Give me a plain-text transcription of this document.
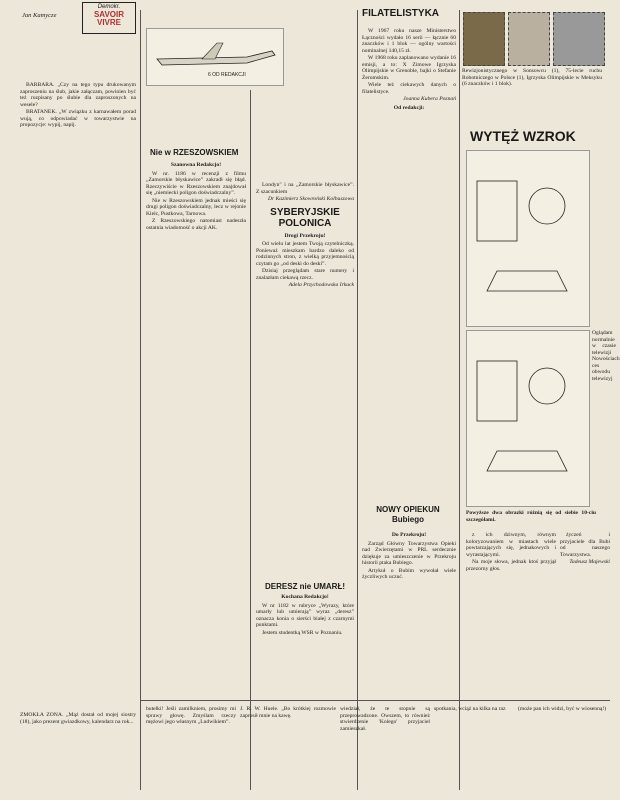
Jan Kamycze
Demokr.
SAVOIR VIVRE

BARBARA. „Czy na tego typu drukowanym zaproszeniu na ślub, jakie załączam, powinien być też rozpisany po ślubie dla zaproszonych na wesele?

BRATANEK. „W związku z karnawałem porad wują, co odpowiadać w towarzystwie na propozycje: wypij, napij.

ZMOKŁA ZONA. „Mąż dostał od mojej siostry (18), jako prezent gwiazdkowy, kalendarz na rok...
Nie w RZESZOWSKIEM
Szanowna Redakcjo!

W nr. 1186 w recenzji z filmu „Zamorskie błyskawice” zakradł się błąd. Rzeczywiście w Rzeszowskiem znajdował się „niemiecki poligon doświadczalny”.

Nie w Rzeszowskiem jednak mieści się drugi poligon doświadczalny, lecz w rejonie Kielc, Pustkowa, Tarnowa.

Z Rzeszowskiego natomiast nadeszła ostatnia wiadomość o akcji AK.

Londyn" i na „Zamorskie błyskawice”. Z szacunkiem

Dr Kazimierz Skowroński Kolbuszowa
SYBERYJSKIE POLONICA
Drogi Przekroju!

Od wielu lat jestem Twoją czytelniczką. Ponieważ mieszkam bardzo daleko od rodzinnych stron, z wielką przyjemnością czytam go „od deski do deski”.

Dzisiaj przeglądam stare numery i znalazłam ciekawą rzecz.

Adela Przychodowska Irkuck
DERESZ nie UMARŁ!
Kochana Redakcjo!

W nr 1182 w rubryce „Wyrazy, które umarły lub umierają” wyraz „deresz” oznacza konia o sierści białej z czarnymi punktami.

Jestem studentką WSR w Poznaniu.

FILATELISTYKA

W 1967 roku nasze Ministerstwo Łączności wydało 16 serii — łącznie 60 znaczków i 1 blok — ogólny wartości nominalnej 140,15 zł.

W 1968 roku zaplanowano wydanie 16 emisji, a to: X Zimowe Igrzyska Olimpijskie w Grenoble, bajki o Stefanie Żeromskim.

Wiele też ciekawych danych o filatelistyce.

Joanna Kubera Poznań
Od redakcji:
NOWY OPIEKUN Bubiego
Do Przekroju!

Zarząd Główny Towarzystwa Opieki nad Zwierzętami w PRL serdecznie dziękuje za umieszczenie w Przekroju historii ptaka Bubiego.

Artykuł o Bubim wywołał wiele życzliwych uczuć.

Rewizjonistycznego w Sonsowcu (1), 75-lecie ruchu Robotniczego w Polsce (1), Igrzyska Olimpijskie w Meksyku (6 znaczków i 1 blok).
WYTĘŻ WZROK
Powyższe dwa obrazki różnią się od siebie 10-ciu szczegółami.

z ich dziwnym, równym koloryzowaniem w miastach wiele powtarzających się, jednakowych i wyrastającymi.

Na moje słowa, jednak ktoś przyjął przezorny głos.

życzeń i przyjaciele dla Bubi od naszego Towarzystwa.

Tadeusz Majewski
Oglądam normalnie w czasie telewizji Nowościach ces obwodu telewizyj
butelki! Jeśli zamilkniem, prosimy mi sprawy głowę. Zmyślam rzeczy mężowi jego własnym „Ludwikiem”.
J. R. W. Huele. „Bo krótkiej rozmowie zaprosił mnie na kawę.
wiedział, że te stopnie są przeprowadzone. Owszem, to również stwierdzenie 'Kolego' przyjaciel zamieszkał.
spotkania, wciąż na kilka na raz	(może pan ich widzi, być w wiosenną!)
6 OD REDAKCJI
